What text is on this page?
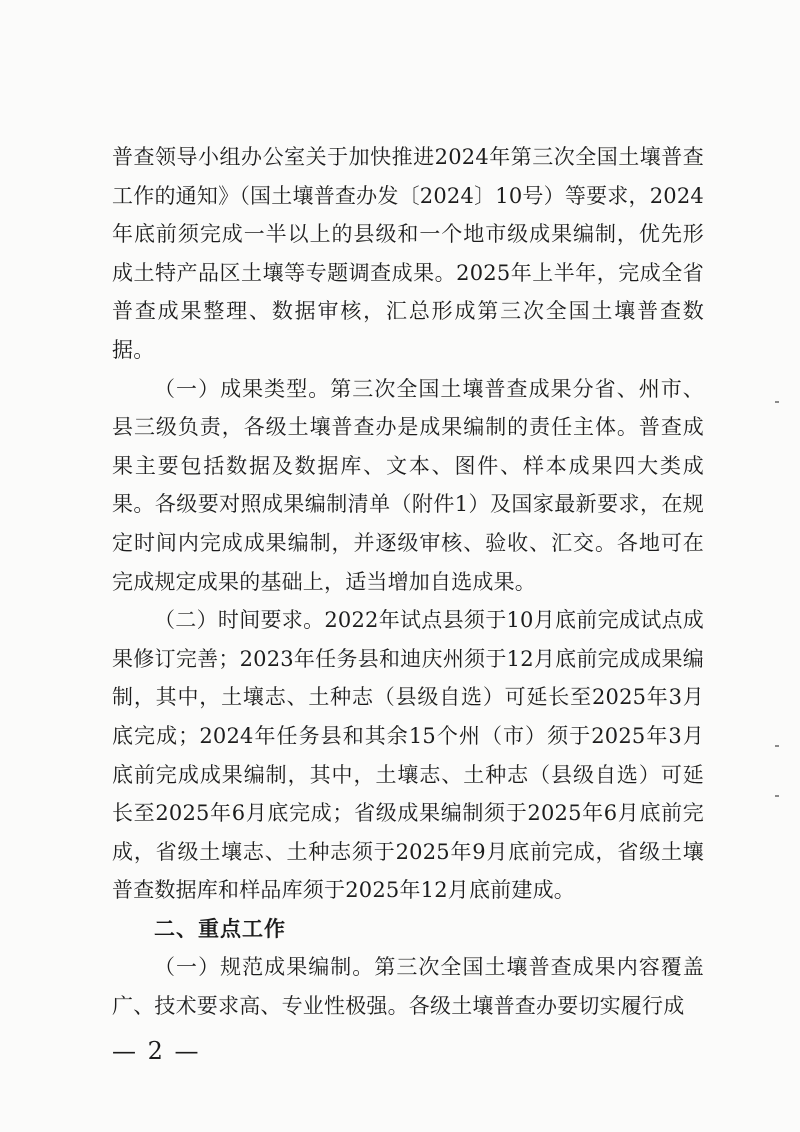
普查领导小组办公室关于加快推进2024年第三次全国土壤普查工作的通知》（国土壤普查办发〔2024〕10号）等要求，2024年底前须完成一半以上的县级和一个地市级成果编制，优先形成土特产品区土壤等专题调查成果。2025年上半年，完成全省普查成果整理、数据审核，汇总形成第三次全国土壤普查数据。

（一）成果类型。第三次全国土壤普查成果分省、州市、县三级负责，各级土壤普查办是成果编制的责任主体。普查成果主要包括数据及数据库、文本、图件、样本成果四大类成果。各级要对照成果编制清单（附件1）及国家最新要求，在规定时间内完成成果编制，并逐级审核、验收、汇交。各地可在完成规定成果的基础上，适当增加自选成果。

（二）时间要求。2022年试点县须于10月底前完成试点成果修订完善；2023年任务县和迪庆州须于12月底前完成成果编制，其中，土壤志、土种志（县级自选）可延长至2025年3月底完成；2024年任务县和其余15个州（市）须于2025年3月底前完成成果编制，其中，土壤志、土种志（县级自选）可延长至2025年6月底完成；省级成果编制须于2025年6月底前完成，省级土壤志、土种志须于2025年9月底前完成，省级土壤普查数据库和样品库须于2025年12月底前建成。

二、重点工作

（一）规范成果编制。第三次全国土壤普查成果内容覆盖广、技术要求高、专业性极强。各级土壤普查办要切实履行成

— 2 —
